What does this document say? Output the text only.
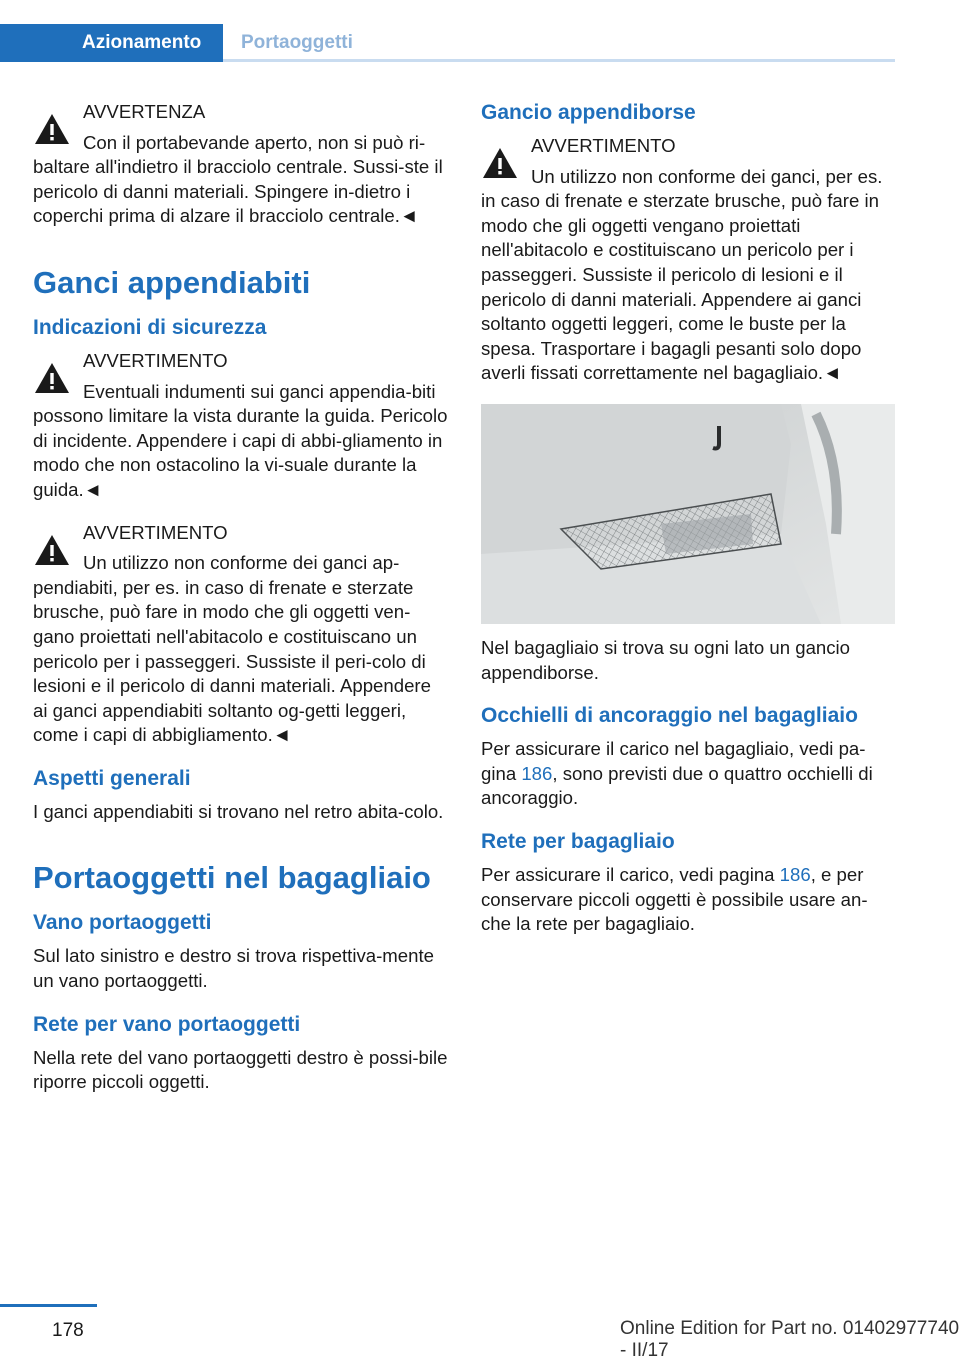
Azionamento	Portaoggetti
AVVERTENZA
Con il portabevande aperto, non si può ri-baltare all'indietro il bracciolo centrale. Sussi-ste il pericolo di danni materiali. Spingere in-dietro i coperchi prima di alzare il bracciolo centrale.◄
Ganci appendiabiti
Indicazioni di sicurezza
AVVERTIMENTO
Eventuali indumenti sui ganci appendia-biti possono limitare la vista durante la guida. Pericolo di incidente. Appendere i capi di abbi-gliamento in modo che non ostacolino la vi-suale durante la guida.◄
AVVERTIMENTO
Un utilizzo non conforme dei ganci ap-pendiabiti, per es. in caso di frenate e sterzate brusche, può fare in modo che gli oggetti ven-gano proiettati nell'abitacolo e costituiscano un pericolo per i passeggeri. Sussiste il peri-colo di lesioni e il pericolo di danni materiali. Appendere ai ganci appendiabiti soltanto og-getti leggeri, come i capi di abbigliamento.◄
Aspetti generali

I ganci appendiabiti si trovano nel retro abita-colo.

Portaoggetti nel bagagliaio
Vano portaoggetti

Sul lato sinistro e destro si trova rispettiva-mente un vano portaoggetti.

Rete per vano portaoggetti

Nella rete del vano portaoggetti destro è possi-bile riporre piccoli oggetti.

Gancio appendiborse
AVVERTIMENTO
Un utilizzo non conforme dei ganci, per es. in caso di frenate e sterzate brusche, può fare in modo che gli oggetti vengano proiettati nell'abitacolo e costituiscano un pericolo per i passeggeri. Sussiste il pericolo di lesioni e il pericolo di danni materiali. Appendere ai ganci soltanto oggetti leggeri, come le buste per la spesa. Trasportare i bagagli pesanti solo dopo averli fissati correttamente nel bagagliaio.◄

Nel bagagliaio si trova su ogni lato un gancio appendiborse.

Occhielli di ancoraggio nel bagagliaio

Per assicurare il carico nel bagagliaio, vedi pa-gina 186, sono previsti due o quattro occhielli di ancoraggio.

Rete per bagagliaio

Per assicurare il carico, vedi pagina 186, e per conservare piccoli oggetti è possibile usare an-che la rete per bagagliaio.

178	Online Edition for Part no. 01402977740 - II/17
